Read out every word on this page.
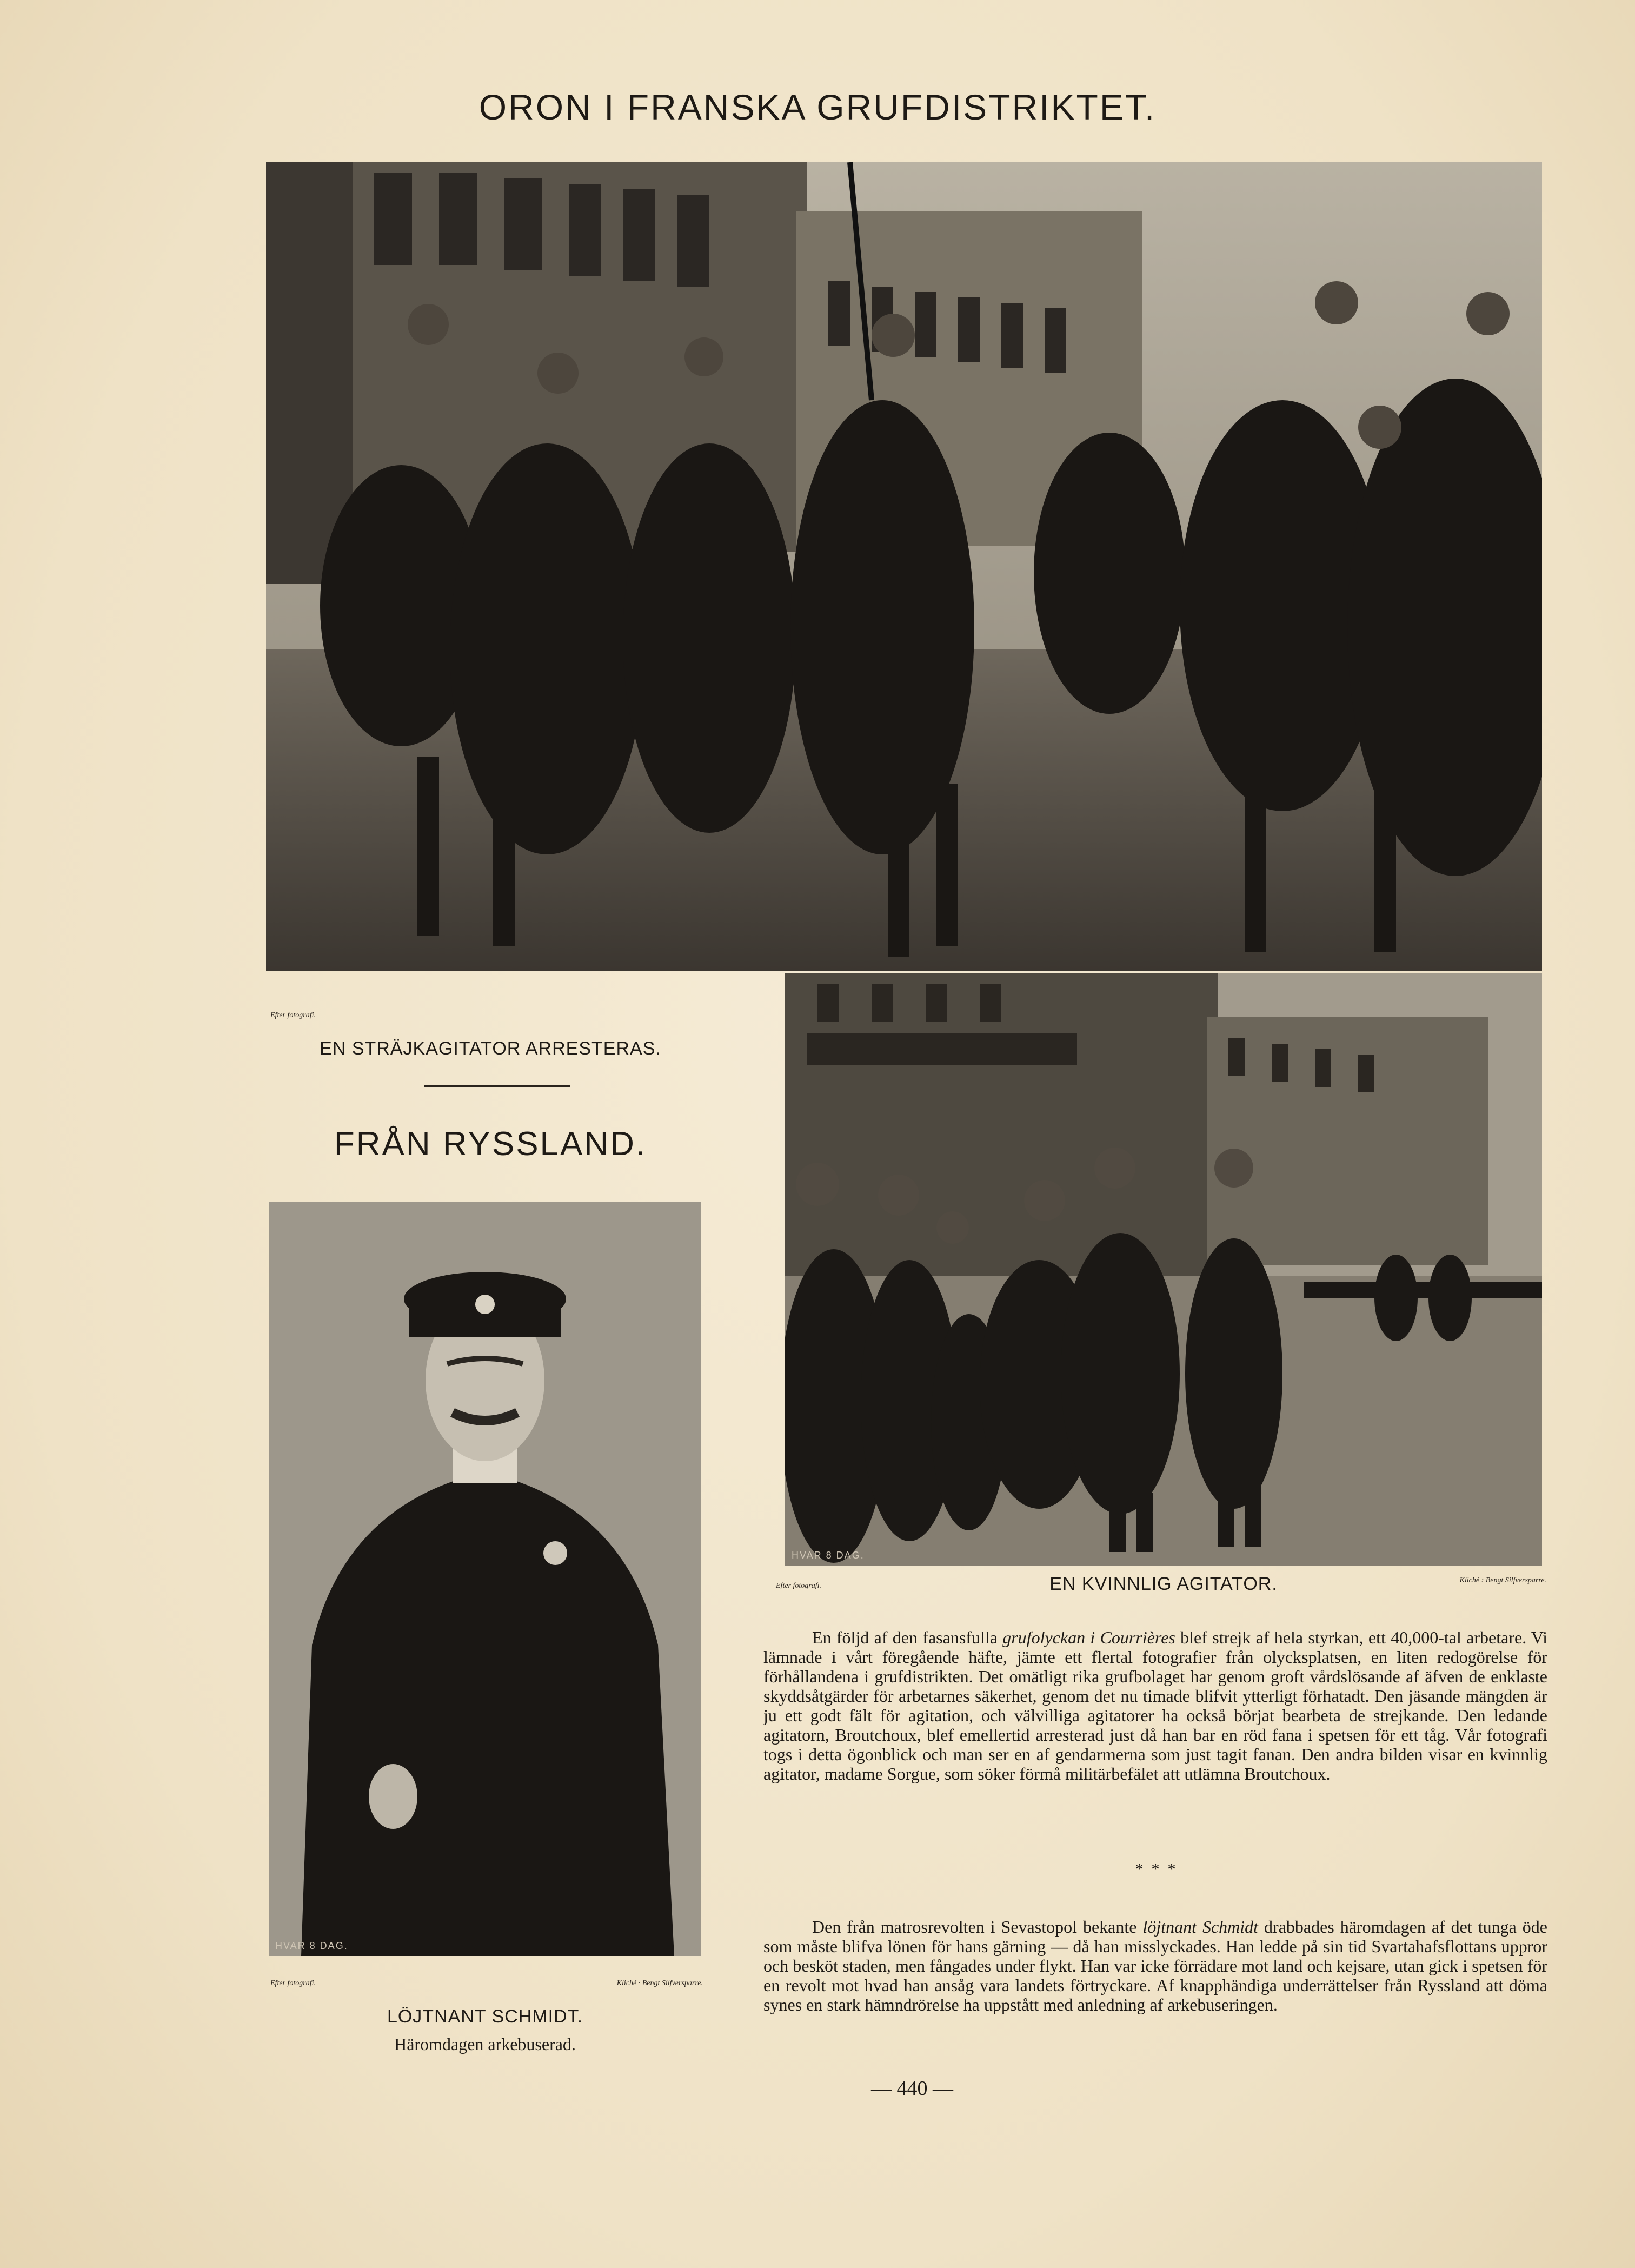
ORON I FRANSKA GRUFDISTRIKTET.
Efter fotografi.
EN STRÄJKAGITATOR ARRESTERAS.
FRÅN RYSSLAND.
HVAR 8 DAG.
Efter fotografi.	EN KVINNLIG AGITATOR.	Kliché : Bengt Silfversparre.
HVAR 8 DAG.
Efter fotografi.	Kliché · Bengt Silfversparre.
LÖJTNANT SCHMIDT.
Häromdagen arkebuserad.

En följd af den fasansfulla grufolyckan i Courrières blef strejk af hela styrkan, ett 40,000-tal arbetare. Vi lämnade i vårt föregående häfte, jämte ett flertal fotografier från olycksplatsen, en liten redogörelse för förhållandena i grufdistrikten. Det omätligt rika grufbolaget har genom groft vårdslösande af äfven de enklaste skyddsåtgärder för arbetarnes säkerhet, genom det nu timade blifvit ytterligt förhatadt. Den jäsande mängden är ju ett godt fält för agitation, och välvilliga agitatorer ha också börjat bearbeta de strejkande. Den ledande agitatorn, Broutchoux, blef emellertid arresterad just då han bar en röd fana i spetsen för ett tåg. Vår fotografi togs i detta ögonblick och man ser en af gendarmerna som just tagit fanan. Den andra bilden visar en kvinnlig agitator, madame Sorgue, som söker förmå militärbefälet att utlämna Broutchoux.

*  *  *

Den från matrosrevolten i Sevastopol bekante löjtnant Schmidt drabbades häromdagen af det tunga öde som måste blifva lönen för hans gärning — då han misslyckades. Han ledde på sin tid Svartahafsflottans uppror och besköt staden, men fångades under flykt. Han var icke förrädare mot land och kejsare, utan gick i spetsen för en revolt mot hvad han ansåg vara landets förtryckare. Af knapphändiga underrättelser från Ryssland att döma synes en stark hämndrörelse ha uppstått med anledning af arkebuseringen.

— 440 —
